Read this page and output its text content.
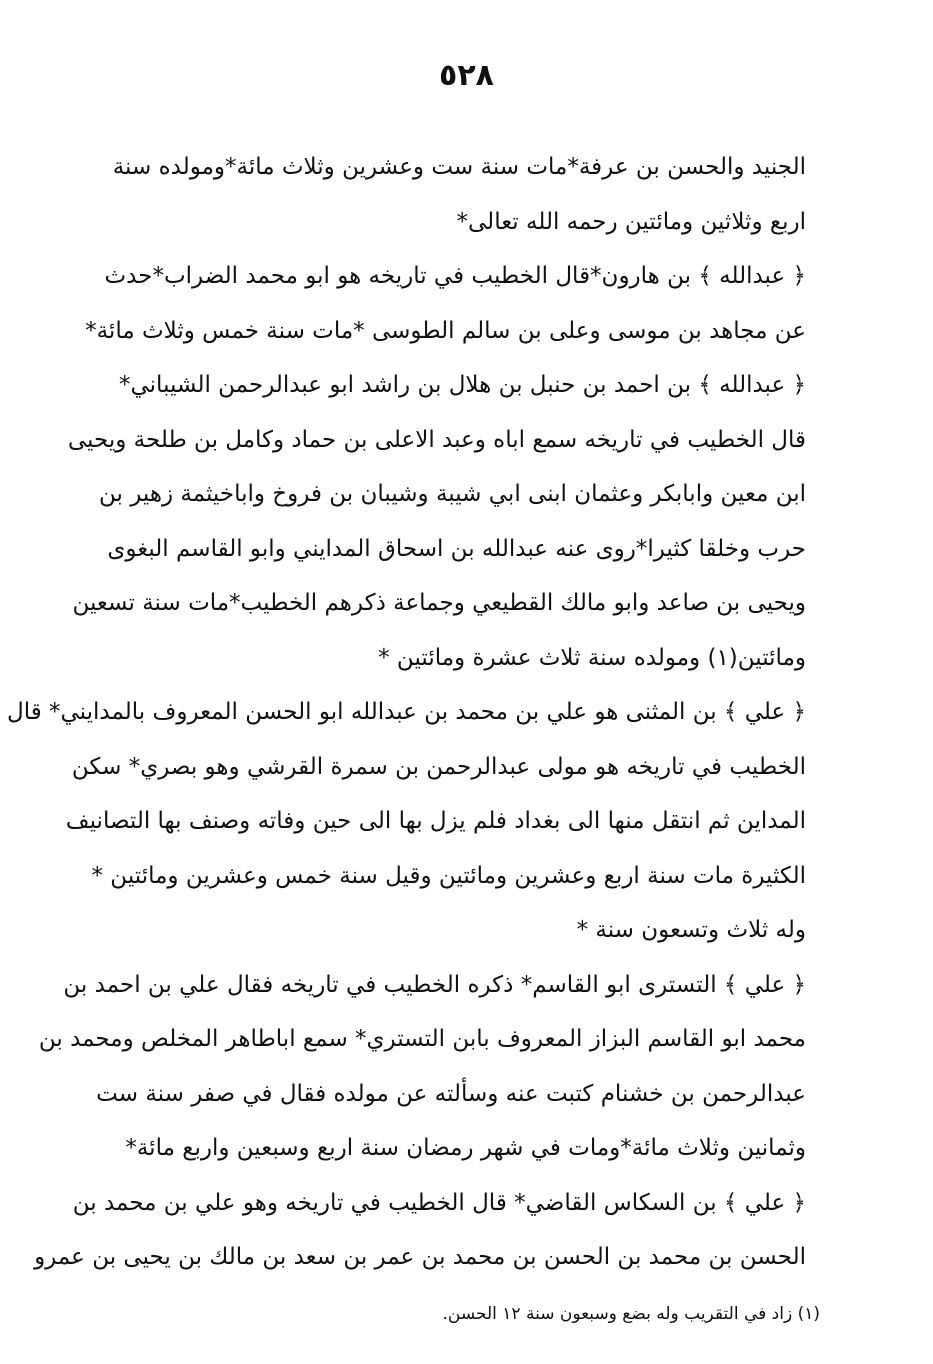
٥٢٨
الجنيد والحسن بن عرفة*مات سنة ست وعشرين وثلاث مائة*ومولده سنة
اربع وثلاثين ومائتين رحمه الله تعالى*
﴿ عبدالله ﴾ بن هارون*قال الخطيب في تاريخه هو ابو محمد الضراب*حدث
عن مجاهد بن موسى وعلى بن سالم الطوسى *مات سنة خمس وثلاث مائة*
﴿ عبدالله ﴾ بن احمد بن حنبل بن هلال بن راشد ابو عبدالرحمن الشيباني*
قال الخطيب في تاريخه سمع اباه وعبد الاعلى بن حماد وكامل بن طلحة ويحيى
ابن معين وابابكر وعثمان ابنى ابي شيبة وشيبان بن فروخ واباخيثمة زهير بن
حرب وخلقا كثيرا*روى عنه عبدالله بن اسحاق المدايني وابو القاسم البغوى
ويحيى بن صاعد وابو مالك القطيعي وجماعة ذكرهم الخطيب*مات سنة تسعين
ومائتين(١) ومولده سنة ثلاث عشرة ومائتين *
﴿ علي ﴾ بن المثنى هو علي بن محمد بن عبدالله ابو الحسن المعروف بالمدايني* قال
الخطيب في تاريخه هو مولى عبدالرحمن بن سمرة القرشي وهو بصري* سكن
المداين ثم انتقل منها الى بغداد فلم يزل بها الى حين وفاته وصنف بها التصانيف
الكثيرة مات سنة اربع وعشرين ومائتين وقيل سنة خمس وعشرين ومائتين *
وله ثلاث وتسعون سنة *
﴿ علي ﴾ التسترى ابو القاسم* ذكره الخطيب في تاريخه فقال علي بن احمد بن
محمد ابو القاسم البزاز المعروف بابن التستري* سمع اباطاهر المخلص ومحمد بن
عبدالرحمن بن خشنام كتبت عنه وسألته عن مولده فقال في صفر سنة ست
وثمانين وثلاث مائة*ومات في شهر رمضان سنة اربع وسبعين واربع مائة*
﴿ علي ﴾ بن السكاس القاضي* قال الخطيب في تاريخه وهو علي بن محمد بن
الحسن بن محمد بن الحسن بن محمد بن عمر بن سعد بن مالك بن يحيى بن عمرو
(١) زاد في التقريب وله بضع وسبعون سنة ١٢ الحسن.
